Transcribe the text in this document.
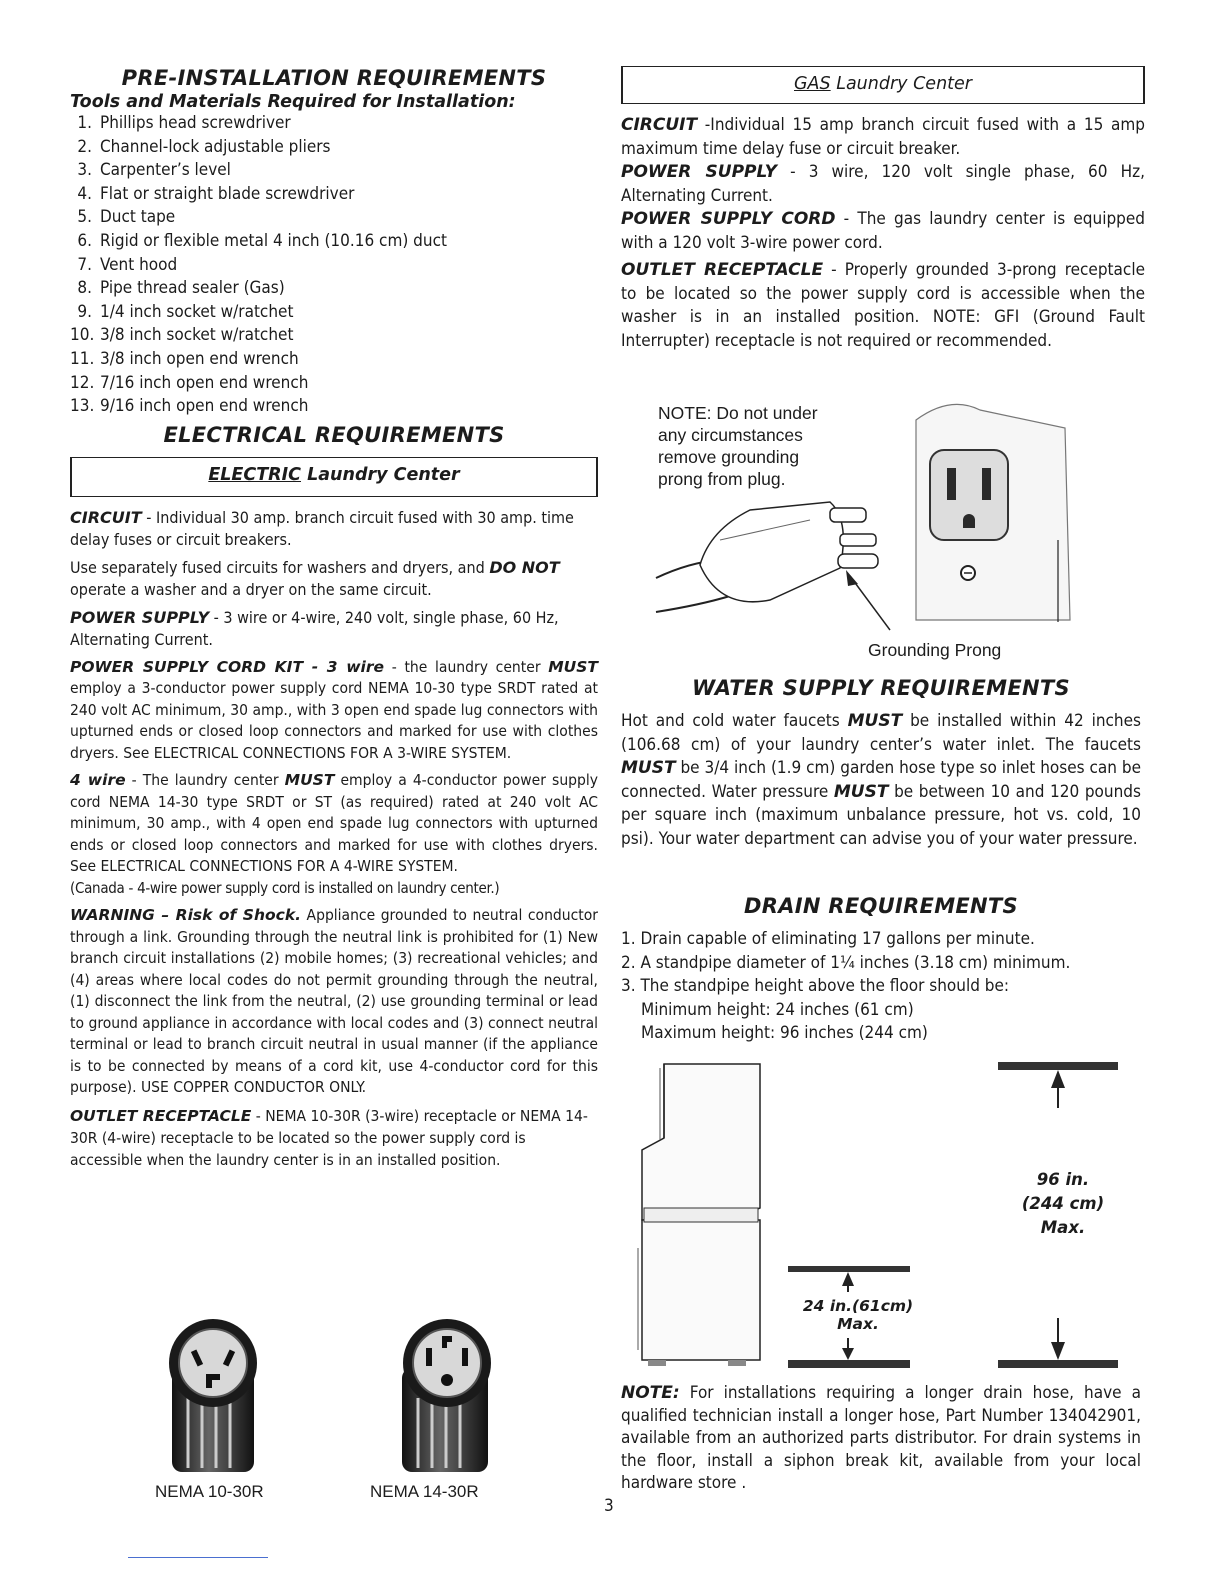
PRE-INSTALLATION REQUIREMENTS
Tools and Materials Required for Installation:
1. Phillips head screwdriver
2. Channel-lock adjustable pliers
3. Carpenter’s level
4. Flat or straight blade screwdriver
5. Duct tape
6. Rigid or flexible metal 4 inch (10.16 cm) duct
7. Vent hood
8. Pipe thread sealer (Gas)
9. 1/4 inch socket w/ratchet
10. 3/8 inch socket w/ratchet
11. 3/8 inch open end wrench
12. 7/16 inch open end wrench
13. 9/16 inch open end wrench
ELECTRICAL REQUIREMENTS
ELECTRIC Laundry Center

CIRCUIT - Individual 30 amp. branch circuit fused with 30 amp. time delay fuses or circuit breakers.

Use separately fused circuits for washers and dryers, and DO NOT operate a washer and a dryer on the same circuit.

POWER SUPPLY - 3 wire or 4-wire, 240 volt, single phase, 60 Hz, Alternating Current.

POWER SUPPLY CORD KIT - 3 wire - the laundry center MUST employ a 3-conductor power supply cord NEMA 10-30 type SRDT rated at 240 volt AC minimum, 30 amp., with 3 open end spade lug connectors with upturned ends or closed loop connectors and marked for use with clothes dryers. See ELECTRICAL CONNECTIONS FOR A 3-WIRE SYSTEM.

4 wire - The laundry center MUST employ a 4-conductor power supply cord NEMA 14-30 type SRDT or ST (as required) rated at 240 volt AC minimum, 30 amp., with 4 open end spade lug connectors with upturned ends or closed loop connectors and marked for use with clothes dryers. See ELECTRICAL CONNECTIONS FOR A 4-WIRE SYSTEM.

(Canada - 4-wire power supply cord is installed on laundry center.)

WARNING – Risk of Shock. Appliance grounded to neutral conductor through a link. Grounding through the neutral link is prohibited for (1) New branch circuit installations (2) mobile homes; (3) recreational vehicles; and (4) areas where local codes do not permit grounding through the neutral, (1) disconnect the link from the neutral, (2) use grounding terminal or lead to ground appliance in accordance with local codes and (3) connect neutral terminal or lead to branch circuit neutral in usual manner (if the appliance is to be connected by means of a cord kit, use 4-conductor cord for this purpose). USE COPPER CONDUCTOR ONLY.

OUTLET RECEPTACLE - NEMA 10-30R (3-wire) receptacle or NEMA 14- 30R (4-wire) receptacle to be located so the power supply cord is accessible when the laundry center is in an installed position.

NEMA 10-30R	NEMA 14-30R
GAS Laundry Center

CIRCUIT -Individual 15 amp branch circuit fused with a 15 amp maximum time delay fuse or circuit breaker.

POWER SUPPLY - 3 wire, 120 volt single phase, 60 Hz, Alternating Current.

POWER SUPPLY CORD - The gas laundry center is equipped with a 120 volt 3-wire power cord.

OUTLET RECEPTACLE - Properly grounded 3-prong receptacle to be located so the power supply cord is accessible when the washer is in an installed position. NOTE: GFI (Ground Fault Interrupter) receptacle is not required or recommended.

NOTE: Do not under
any circumstances
remove grounding
prong from plug.
Grounding Prong
WATER SUPPLY REQUIREMENTS

Hot and cold water faucets MUST be installed within 42 inches (106.68 cm) of your laundry center’s water inlet. The faucets MUST be 3/4 inch (1.9 cm) garden hose type so inlet hoses can be connected. Water pressure MUST be between 10 and 120 pounds per square inch (maximum unbalance pressure, hot vs. cold, 10 psi). Your water department can advise you of your water pressure.

DRAIN REQUIREMENTS
1. Drain capable of eliminating 17 gallons per minute.
2. A standpipe diameter of 1¼ inches (3.18 cm) minimum.
3. The standpipe height above the floor should be:
Minimum height: 24 inches (61 cm)
Maximum height: 96 inches (244 cm)
96 in.
(244 cm)
Max.
24 in.(61cm)
Max.

NOTE: For installations requiring a longer drain hose, have a qualified technician install a longer hose, Part Number 134042901, available from an authorized parts distributor. For drain systems in the floor, install a siphon break kit, available from your local hardware store .

3
